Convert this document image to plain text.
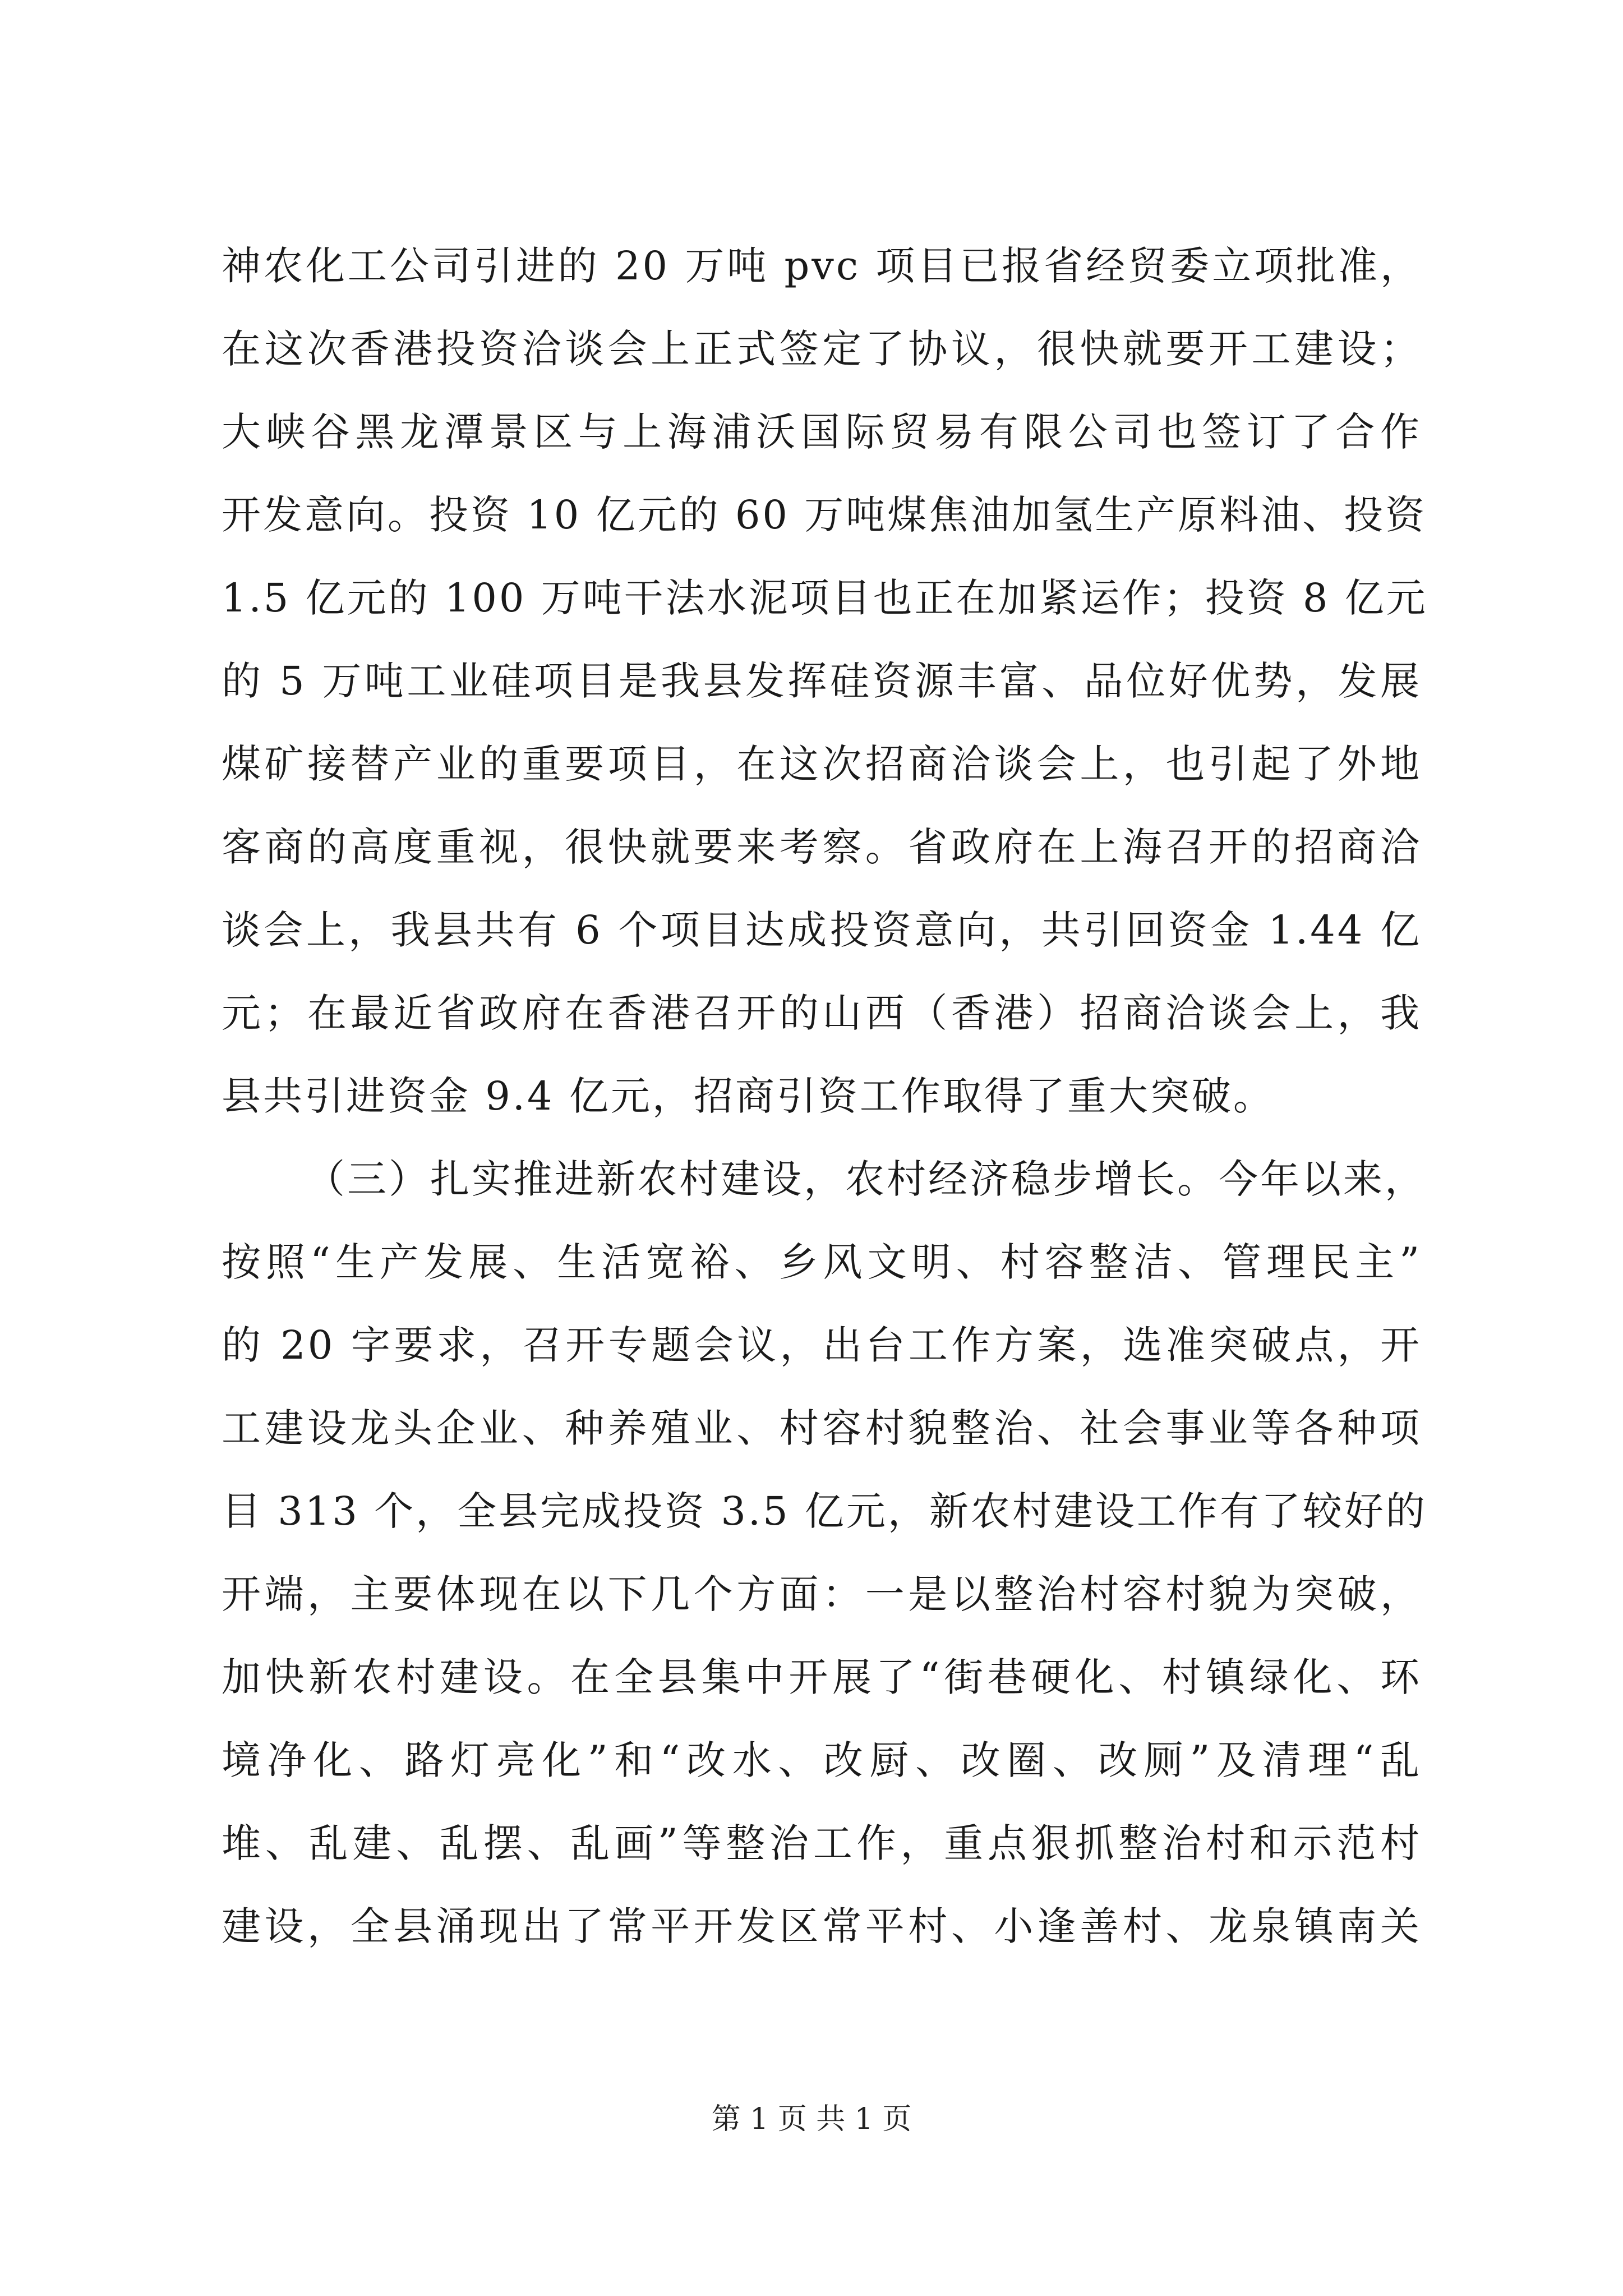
神农化工公司引进的 20 万吨 pvc 项目已报省经贸委立项批准，
在这次香港投资洽谈会上正式签定了协议，很快就要开工建设；
大峡谷黑龙潭景区与上海浦沃国际贸易有限公司也签订了合作
开发意向。投资 10 亿元的 60 万吨煤焦油加氢生产原料油、投资
1.5 亿元的 100 万吨干法水泥项目也正在加紧运作；投资 8 亿元
的 5 万吨工业硅项目是我县发挥硅资源丰富、品位好优势，发展
煤矿接替产业的重要项目，在这次招商洽谈会上，也引起了外地
客商的高度重视，很快就要来考察。省政府在上海召开的招商洽
谈会上，我县共有 6 个项目达成投资意向，共引回资金 1.44 亿
元；在最近省政府在香港召开的山西（香港）招商洽谈会上，我
县共引进资金 9.4 亿元，招商引资工作取得了重大突破。
（三）扎实推进新农村建设，农村经济稳步增长。今年以来，
按照“生产发展、生活宽裕、乡风文明、村容整洁、管理民主”
的 20 字要求，召开专题会议，出台工作方案，选准突破点，开
工建设龙头企业、种养殖业、村容村貌整治、社会事业等各种项
目 313 个，全县完成投资 3.5 亿元，新农村建设工作有了较好的
开端，主要体现在以下几个方面：一是以整治村容村貌为突破，
加快新农村建设。在全县集中开展了“街巷硬化、村镇绿化、环
境净化、路灯亮化”和“改水、改厨、改圈、改厕”及清理“乱
堆、乱建、乱摆、乱画”等整治工作，重点狠抓整治村和示范村
建设，全县涌现出了常平开发区常平村、小逢善村、龙泉镇南关
第 1 页 共 1 页
